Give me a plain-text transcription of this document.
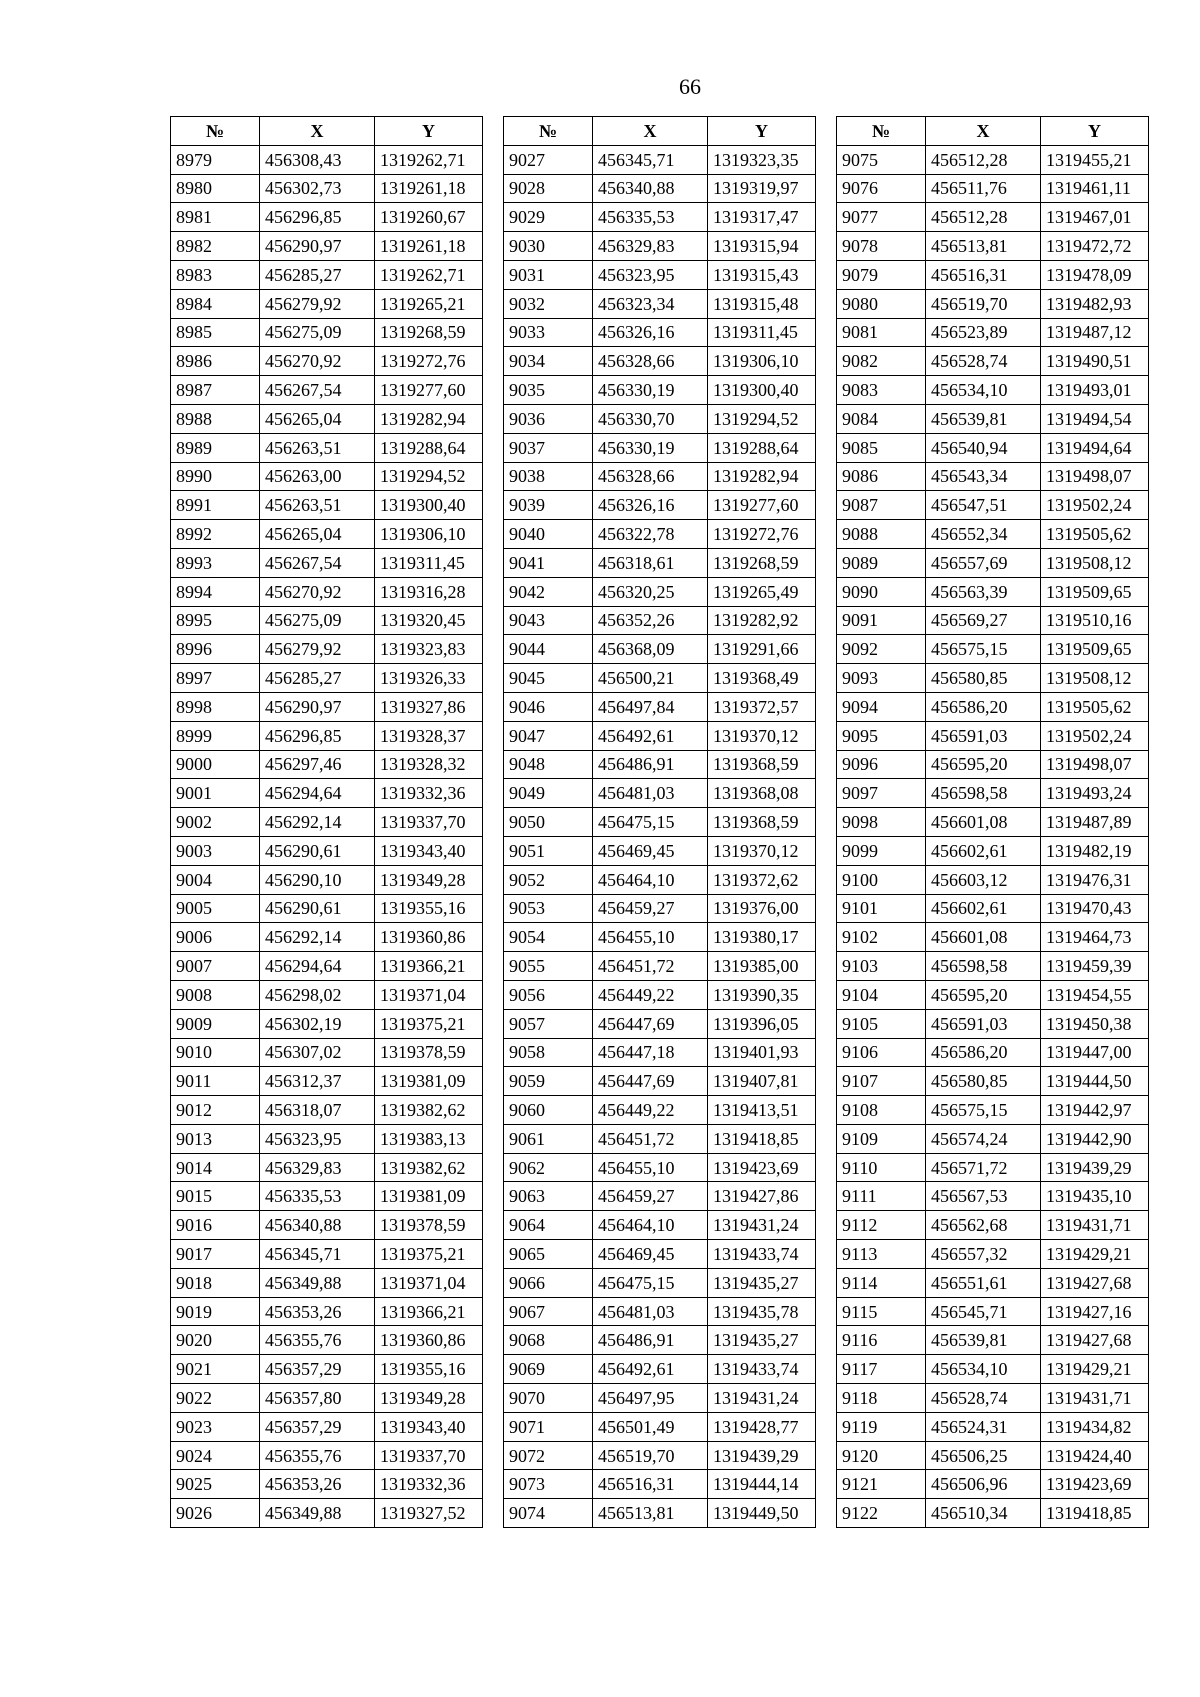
66
№	X	Y
8979	456308,43	1319262,71
8980	456302,73	1319261,18
8981	456296,85	1319260,67
8982	456290,97	1319261,18
8983	456285,27	1319262,71
8984	456279,92	1319265,21
8985	456275,09	1319268,59
8986	456270,92	1319272,76
8987	456267,54	1319277,60
8988	456265,04	1319282,94
8989	456263,51	1319288,64
8990	456263,00	1319294,52
8991	456263,51	1319300,40
8992	456265,04	1319306,10
8993	456267,54	1319311,45
8994	456270,92	1319316,28
8995	456275,09	1319320,45
8996	456279,92	1319323,83
8997	456285,27	1319326,33
8998	456290,97	1319327,86
8999	456296,85	1319328,37
9000	456297,46	1319328,32
9001	456294,64	1319332,36
9002	456292,14	1319337,70
9003	456290,61	1319343,40
9004	456290,10	1319349,28
9005	456290,61	1319355,16
9006	456292,14	1319360,86
9007	456294,64	1319366,21
9008	456298,02	1319371,04
9009	456302,19	1319375,21
9010	456307,02	1319378,59
9011	456312,37	1319381,09
9012	456318,07	1319382,62
9013	456323,95	1319383,13
9014	456329,83	1319382,62
9015	456335,53	1319381,09
9016	456340,88	1319378,59
9017	456345,71	1319375,21
9018	456349,88	1319371,04
9019	456353,26	1319366,21
9020	456355,76	1319360,86
9021	456357,29	1319355,16
9022	456357,80	1319349,28
9023	456357,29	1319343,40
9024	456355,76	1319337,70
9025	456353,26	1319332,36
9026	456349,88	1319327,52
№	X	Y
9027	456345,71	1319323,35
9028	456340,88	1319319,97
9029	456335,53	1319317,47
9030	456329,83	1319315,94
9031	456323,95	1319315,43
9032	456323,34	1319315,48
9033	456326,16	1319311,45
9034	456328,66	1319306,10
9035	456330,19	1319300,40
9036	456330,70	1319294,52
9037	456330,19	1319288,64
9038	456328,66	1319282,94
9039	456326,16	1319277,60
9040	456322,78	1319272,76
9041	456318,61	1319268,59
9042	456320,25	1319265,49
9043	456352,26	1319282,92
9044	456368,09	1319291,66
9045	456500,21	1319368,49
9046	456497,84	1319372,57
9047	456492,61	1319370,12
9048	456486,91	1319368,59
9049	456481,03	1319368,08
9050	456475,15	1319368,59
9051	456469,45	1319370,12
9052	456464,10	1319372,62
9053	456459,27	1319376,00
9054	456455,10	1319380,17
9055	456451,72	1319385,00
9056	456449,22	1319390,35
9057	456447,69	1319396,05
9058	456447,18	1319401,93
9059	456447,69	1319407,81
9060	456449,22	1319413,51
9061	456451,72	1319418,85
9062	456455,10	1319423,69
9063	456459,27	1319427,86
9064	456464,10	1319431,24
9065	456469,45	1319433,74
9066	456475,15	1319435,27
9067	456481,03	1319435,78
9068	456486,91	1319435,27
9069	456492,61	1319433,74
9070	456497,95	1319431,24
9071	456501,49	1319428,77
9072	456519,70	1319439,29
9073	456516,31	1319444,14
9074	456513,81	1319449,50
№	X	Y
9075	456512,28	1319455,21
9076	456511,76	1319461,11
9077	456512,28	1319467,01
9078	456513,81	1319472,72
9079	456516,31	1319478,09
9080	456519,70	1319482,93
9081	456523,89	1319487,12
9082	456528,74	1319490,51
9083	456534,10	1319493,01
9084	456539,81	1319494,54
9085	456540,94	1319494,64
9086	456543,34	1319498,07
9087	456547,51	1319502,24
9088	456552,34	1319505,62
9089	456557,69	1319508,12
9090	456563,39	1319509,65
9091	456569,27	1319510,16
9092	456575,15	1319509,65
9093	456580,85	1319508,12
9094	456586,20	1319505,62
9095	456591,03	1319502,24
9096	456595,20	1319498,07
9097	456598,58	1319493,24
9098	456601,08	1319487,89
9099	456602,61	1319482,19
9100	456603,12	1319476,31
9101	456602,61	1319470,43
9102	456601,08	1319464,73
9103	456598,58	1319459,39
9104	456595,20	1319454,55
9105	456591,03	1319450,38
9106	456586,20	1319447,00
9107	456580,85	1319444,50
9108	456575,15	1319442,97
9109	456574,24	1319442,90
9110	456571,72	1319439,29
9111	456567,53	1319435,10
9112	456562,68	1319431,71
9113	456557,32	1319429,21
9114	456551,61	1319427,68
9115	456545,71	1319427,16
9116	456539,81	1319427,68
9117	456534,10	1319429,21
9118	456528,74	1319431,71
9119	456524,31	1319434,82
9120	456506,25	1319424,40
9121	456506,96	1319423,69
9122	456510,34	1319418,85
